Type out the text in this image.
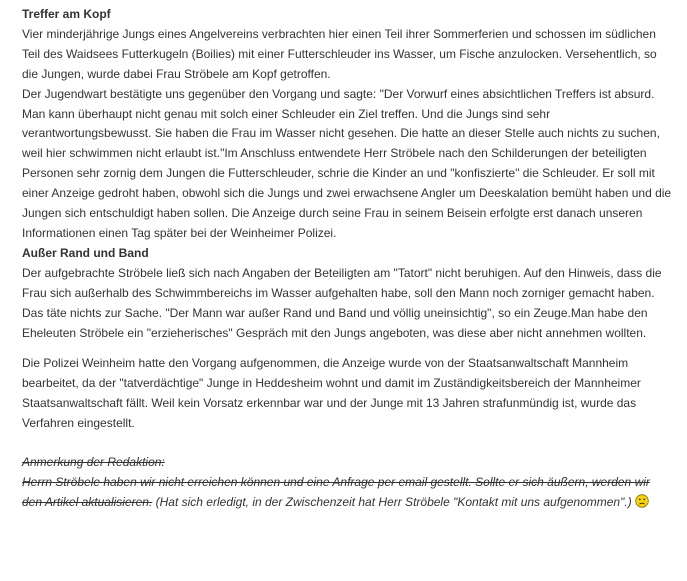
Treffer am Kopf

Vier minderjährige Jungs eines Angelvereins verbrachten hier einen Teil ihrer Sommerferien und schossen im südlichen Teil des Waidsees Futterkugeln (Boilies) mit einer Futterschleuder ins Wasser, um Fische anzulocken. Versehentlich, so die Jungen, wurde dabei Frau Ströbele am Kopf getroffen.

Der Jugendwart bestätigte uns gegenüber den Vorgang und sagte: "Der Vorwurf eines absichtlichen Treffers ist absurd. Man kann überhaupt nicht genau mit solch einer Schleuder ein Ziel treffen. Und die Jungs sind sehr verantwortungsbewusst. Sie haben die Frau im Wasser nicht gesehen. Die hatte an dieser Stelle auch nichts zu suchen, weil hier schwimmen nicht erlaubt ist."Im Anschluss entwendete Herr Ströbele nach den Schilderungen der beteiligten Personen sehr zornig dem Jungen die Futterschleuder, schrie die Kinder an und "konfiszierte" die Schleuder. Er soll mit einer Anzeige gedroht haben, obwohl sich die Jungs und zwei erwachsene Angler um Deeskalation bemüht haben und die Jungen sich entschuldigt haben sollen. Die Anzeige durch seine Frau in seinem Beisein erfolgte erst danach unseren Informationen einen Tag später bei der Weinheimer Polizei.

Außer Rand und Band

Der aufgebrachte Ströbele ließ sich nach Angaben der Beteiligten am "Tatort" nicht beruhigen. Auf den Hinweis, dass die Frau sich außerhalb des Schwimmbereichs im Wasser aufgehalten habe, soll den Mann noch zorniger gemacht haben. Das täte nichts zur Sache. "Der Mann war außer Rand und Band und völlig uneinsichtig", so ein Zeuge.Man habe den Eheleuten Ströbele ein "erzieherisches" Gespräch mit den Jungs angeboten, was diese aber nicht annehmen wollten.

Die Polizei Weinheim hatte den Vorgang aufgenommen, die Anzeige wurde von der Staatsanwaltschaft Mannheim bearbeitet, da der "tatverdächtige" Junge in Heddesheim wohnt und damit im Zuständigkeitsbereich der Mannheimer Staatsanwaltschaft fällt. Weil kein Vorsatz erkennbar war und der Junge mit 13 Jahren strafunmündig ist, wurde das Verfahren eingestellt.

Anmerkung der Redaktion:
Herrn Ströbele haben wir nicht erreichen können und eine Anfrage per email gestellt. Sollte er sich äußern, werden wir den Artikel aktualisieren. (Hat sich erledigt, in der Zwischenzeit hat Herr Ströbele "Kontakt mit uns aufgenommen".)
